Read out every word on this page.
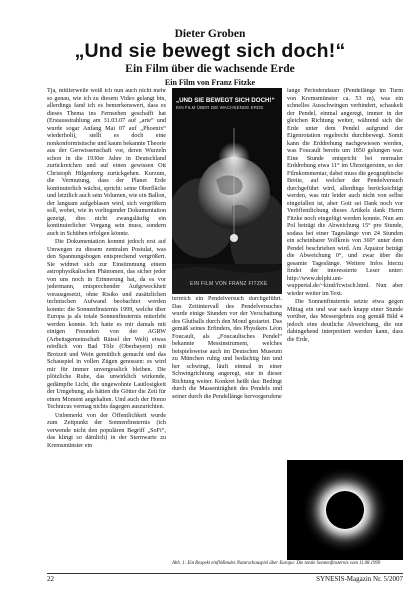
Dieter Groben
„Und sie bewegt sich doch!“
Ein Film über die wachsende Erde
Ein Film von Franz Fitzke

Tja, mittlerweile weiß ich nun auch nicht mehr so genau, wie ich zu diesem Video gelangt bin, allerdings fand ich es bemerkenswert, dass es dieses Thema ins Fernsehen geschafft hat (Erstausstrahlung am 31.03.07 auf „arte“ und wurde sogar Anfang Mai 07 auf „Phoenix“ wiederholt), stellt es doch eine nonkonformistische und kaum bekannte Theorie aus der Geowissenschaft vor, deren Wurzeln schon in die 1930er Jahre in Deutschland zurückreichen und auf einen gewissen Ott Christoph Hilgenberg zurückgehen. Kurzum, die Vermutung, dass der Planet Erde kontinuierlich wächst, spricht: seine Oberfläche und letztlich auch sein Volumen, wie ein Ballon, der langsam aufgeblasen wird, sich vergrößern soll, wobei, wie in vorliegender Dokumentation gezeigt, dies nicht zwangsläufig ein kontinuierlicher Vorgang sein muss, sondern auch in Schüben erfolgen könnte.

Die Dokumentation kommt jedoch erst auf Umwegen zu diesem zentralen Postulat, was den Spannungsbogen entsprechend vergrößert. Sie widmet sich zur Einstimmung einem astrophysikalischen Phänomen, das sicher jeder von uns noch in Erinnerung hat, da es vor jedermann, entsprechender Aufgeweckheit vorausgesetzt, ohne Risiko und zusätzlichen technischen Aufwand beobachtet werden konnte: die Sonnenfinsternis 1999, welche über Europa ja als totale Sonnenfinsternis miterlebt werden konnte. Ich hatte es mir damals mit einigen Freunden von der AGRW (Arbeitsgemeinschaft Rätsel der Welt) etwas nördlich von Bad Tölz (Oberbayern) mit Brotzeit und Wein gemütlich gemacht und das Schauspiel in vollen Zügen genossen: es wird mir für immer unvergesslich bleiben. Die plötzliche Ruhe, das unwirklich wirkende, gedämpfte Licht, die ungewohnte Lautlosigkeit der Umgebung, als hätten die Götter die Zeit für einen Moment angehalten. Und auch der Homo Technicus vermag nichts dagegen auszurichten.

Unbemerkt von der Öffentlichkeit wurde zum Zeitpunkt der Sonnenfinsternis (ich verwende nicht den populären Begriff „SoFi“, das klingt so dämlich) in der Sternwarte zu Kremsmünster ein

„UND SIE BEWEGT SICH DOCH!“
EIN FILM ÜBER DIE WACHSENDE ERDE
EIN FILM VON FRANZ FITZKE

terreich ein Pendelversuch durchgeführt. Das Zeitintervall des Pendelversuches wurde einige Stunden vor der Verschattung des Glutballs durch den Mond gestartet. Das gemäß seines Erfinders, des Physikers Léon Foucault, als „Foucaultsches Pendel“ bekannte Messinstrument, welches beispielsweise auch im Deutschen Museum zu München ruhig und bedächtig hin und her schwingt, läuft einmal in einer Schwingrichtung angeregt, stur in dieser Richtung weiter. Konkret heißt das: Bedingt durch die Massenträgheit des Pendels und seiner durch die Pendellänge hervorgerufene

lange Periodendauer (Pendellänge im Turm von Kremsmünster ca. 53 m), was ein schnelles Ausschwingen verhindert, schaukelt der Pendel, einmal angeregt, immer in der gleichen Richtung weiter, während sich die Erde unter dem Pendel aufgrund der Eigenrotation regelrecht durchbewegt. Somit kann die Erddrehung nachgewiesen werden, was Foucault bereits um 1850 gelungen war. Eine Stunde entspricht bei normaler Erddrehung etwa 11° im Uhrzeigersinn, so der Filmkommentar, dabei muss die geographische Breite, auf welcher der Pendelversuch durchgeführt wird, allerdings berücksichtigt werden, was mir leider auch nicht von selbst eingefallen ist, aber Gott sei Dank noch vor Veröffentlichung dieses Artikels dank Herrn Fitzke noch eingefügt werden konnte. Nun am Pol beträgt die Abweichung 15° pro Stunde, sodass bei einer Tageslänge von 24 Stunden ein scheinbarer Vollkreis von 360° unter dem Pendel beschrieben wird. Am Äquator beträgt die Abweichung 0°, und zwar über die gesamte Tageslänge. Weitere Infos hierzu findet der interessierte Leser unter: http://www.delphi.uni-wuppertal.de/~kind/fcwisch.html. Nun aber wieder weiter im Text.

Die Sonnenfinsternis setzte etwa gegen Mittag ein und war nach knapp einer Stunde vorüber, das Messergebnis zog gemäß Bild 4 jedoch eine deutliche Abweichung, die nur dahingehend interpretiert werden kann, dass die Erde,

Abb. 1: Ein Respekt einflößendes Naturschauspiel über Europa: Die totale Sonnenfinsternis vom 11.08.1999
22	SYNESIS-Magazin Nr. 5/2007
